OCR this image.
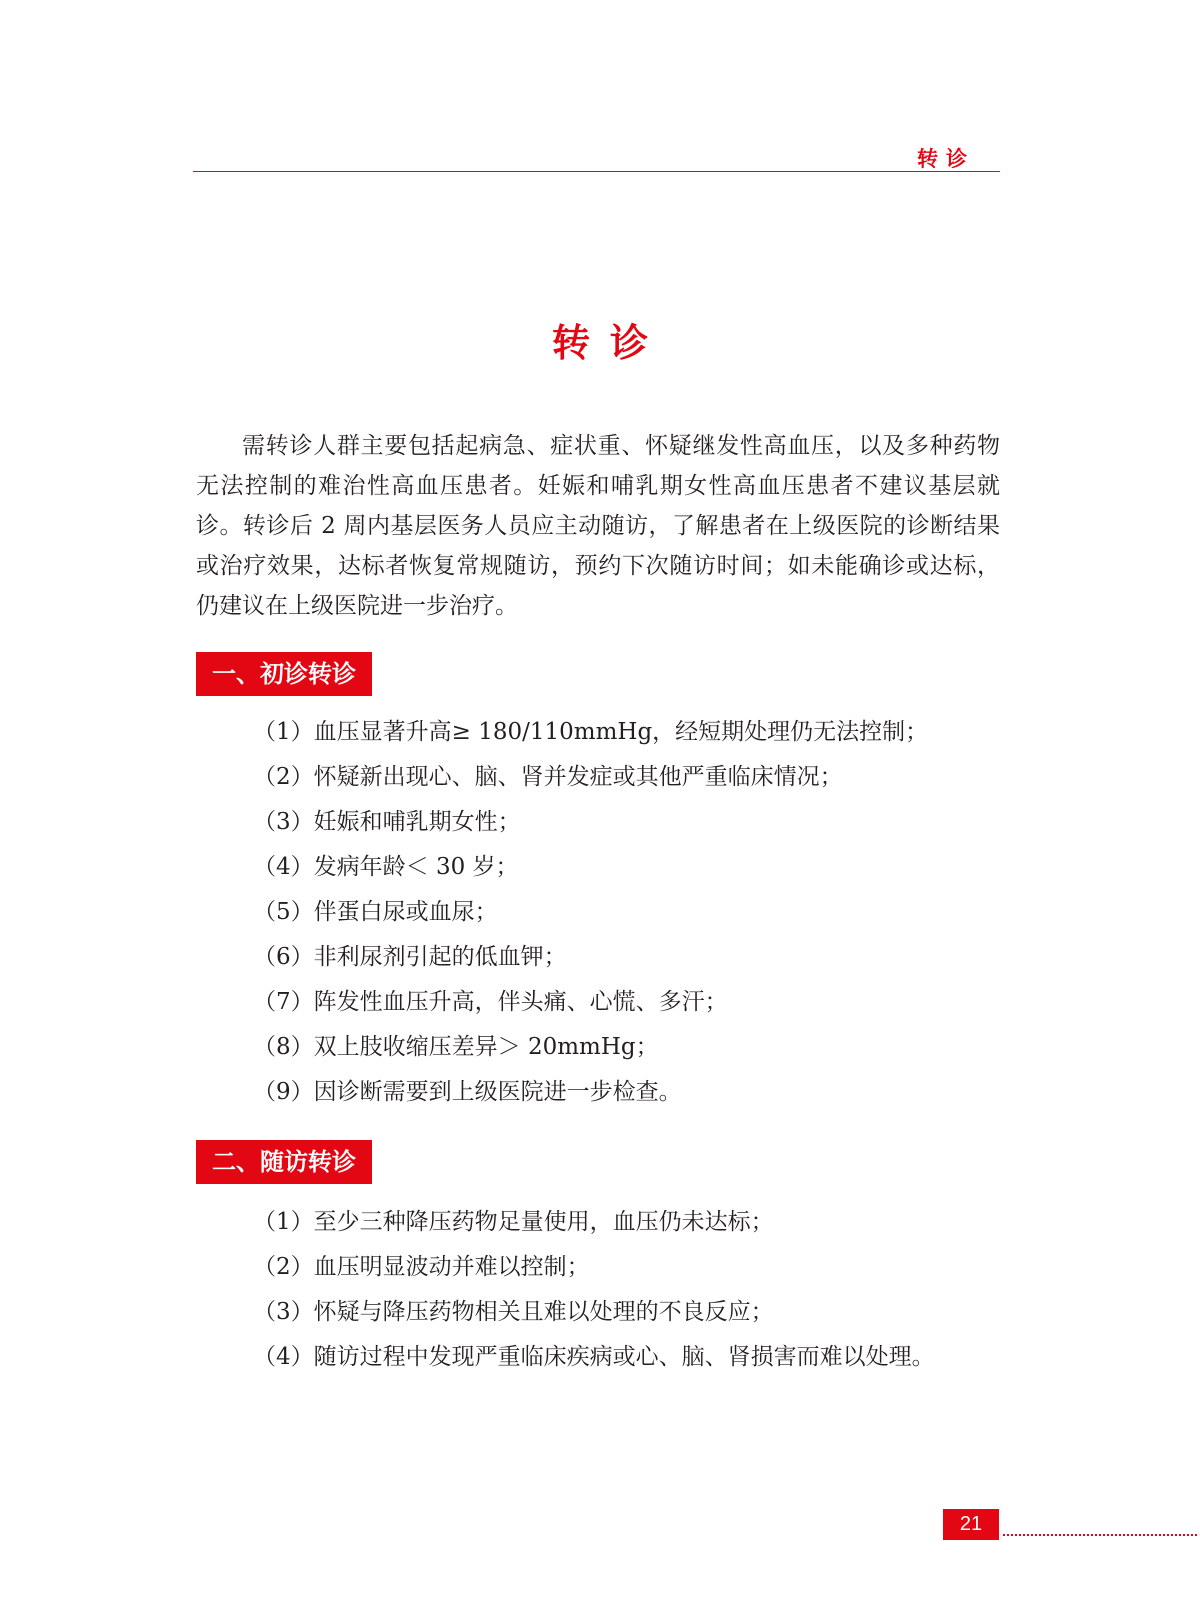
转诊
转诊

需转诊人群主要包括起病急、症状重、怀疑继发性高血压，以及多种药物无法控制的难治性高血压患者。妊娠和哺乳期女性高血压患者不建议基层就诊。转诊后 2 周内基层医务人员应主动随访，了解患者在上级医院的诊断结果或治疗效果，达标者恢复常规随访，预约下次随访时间；如未能确诊或达标，仍建议在上级医院进一步治疗。

一、初诊转诊
（1）血压显著升高≥ 180/110mmHg，经短期处理仍无法控制；
（2）怀疑新出现心、脑、肾并发症或其他严重临床情况；
（3）妊娠和哺乳期女性；
（4）发病年龄＜ 30 岁；
（5）伴蛋白尿或血尿；
（6）非利尿剂引起的低血钾；
（7）阵发性血压升高，伴头痛、心慌、多汗；
（8）双上肢收缩压差异＞ 20mmHg；
（9）因诊断需要到上级医院进一步检查。
二、随访转诊
（1）至少三种降压药物足量使用，血压仍未达标；
（2）血压明显波动并难以控制；
（3）怀疑与降压药物相关且难以处理的不良反应；
（4）随访过程中发现严重临床疾病或心、脑、肾损害而难以处理。
21
